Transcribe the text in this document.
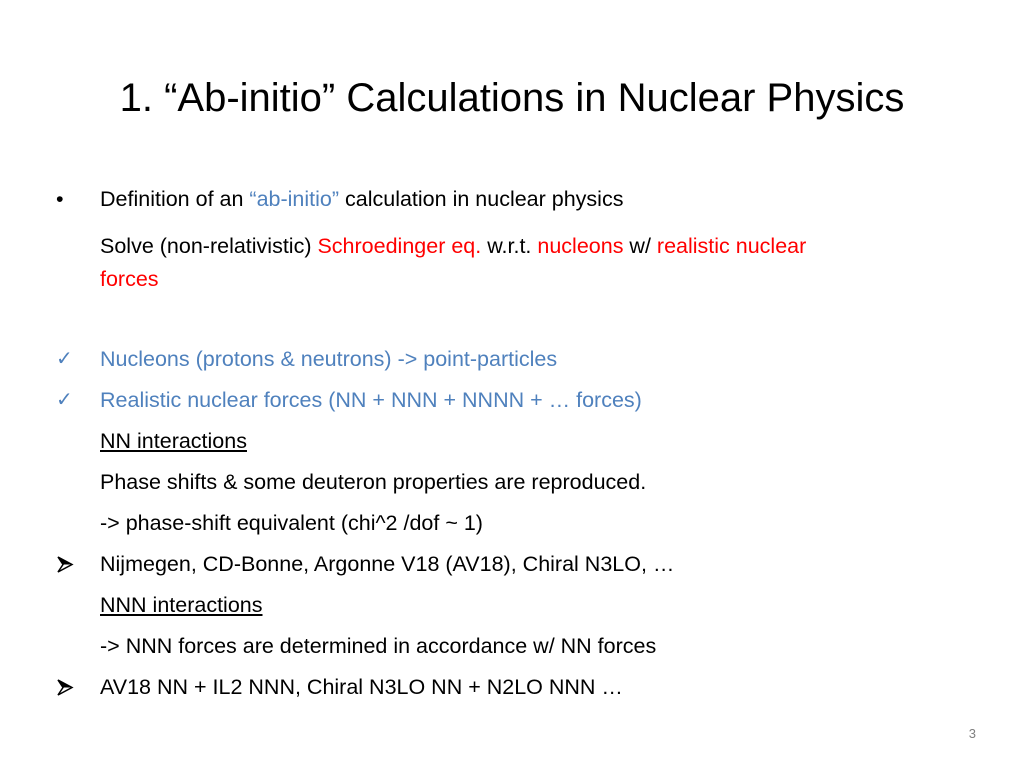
1. “Ab-initio” Calculations in Nuclear Physics
•	Definition of an “ab-initio” calculation in nuclear physics
Solve (non-relativistic) Schroedinger eq. w.r.t. nucleons w/ realistic nuclear
forces
✓	Nucleons (protons & neutrons) -> point-particles
✓	Realistic nuclear forces (NN + NNN + NNNN + … forces)
NN interactions
Phase shifts & some deuteron properties are reproduced.
-> phase-shift equivalent (chi^2 /dof ~ 1)
Nijmegen, CD-Bonne, Argonne V18 (AV18), Chiral N3LO, …
NNN interactions
-> NNN forces are determined in accordance w/ NN forces
AV18 NN + IL2 NNN, Chiral N3LO NN + N2LO NNN …
3
